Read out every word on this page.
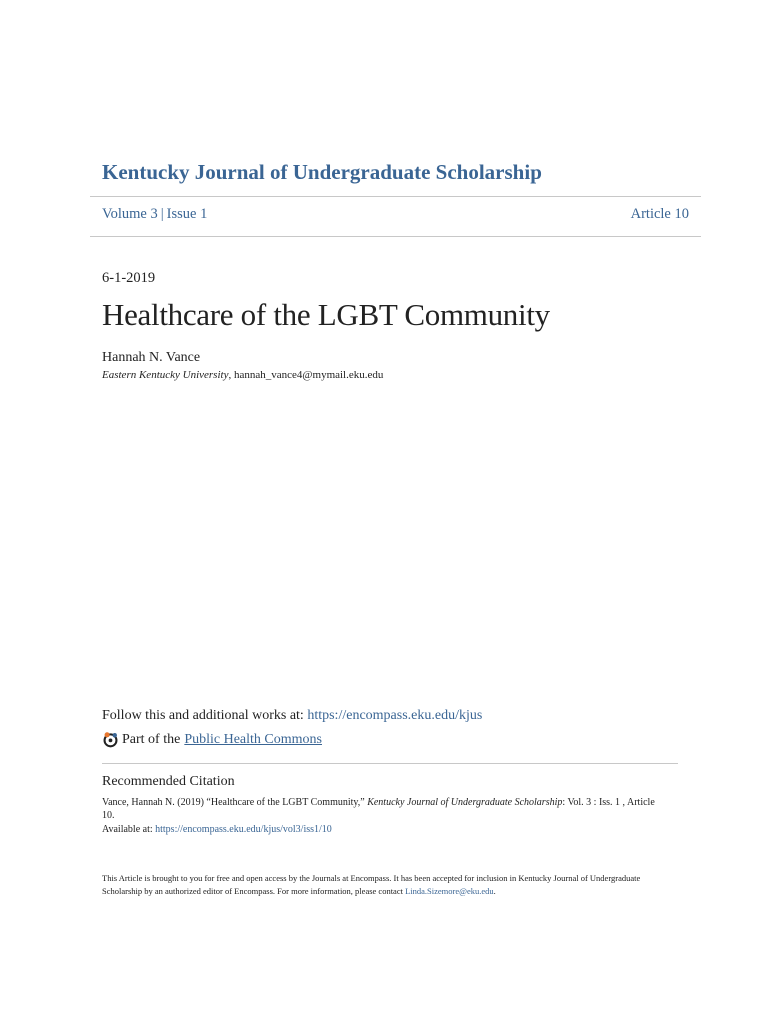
Kentucky Journal of Undergraduate Scholarship
Volume 3 | Issue 1	Article 10
6-1-2019
Healthcare of the LGBT Community
Hannah N. Vance
Eastern Kentucky University, hannah_vance4@mymail.eku.edu
Follow this and additional works at: https://encompass.eku.edu/kjus
Part of the Public Health Commons
Recommended Citation
Vance, Hannah N. (2019) “Healthcare of the LGBT Community,” Kentucky Journal of Undergraduate Scholarship: Vol. 3 : Iss. 1 , Article 10.
Available at: https://encompass.eku.edu/kjus/vol3/iss1/10
This Article is brought to you for free and open access by the Journals at Encompass. It has been accepted for inclusion in Kentucky Journal of Undergraduate Scholarship by an authorized editor of Encompass. For more information, please contact Linda.Sizemore@eku.edu.
